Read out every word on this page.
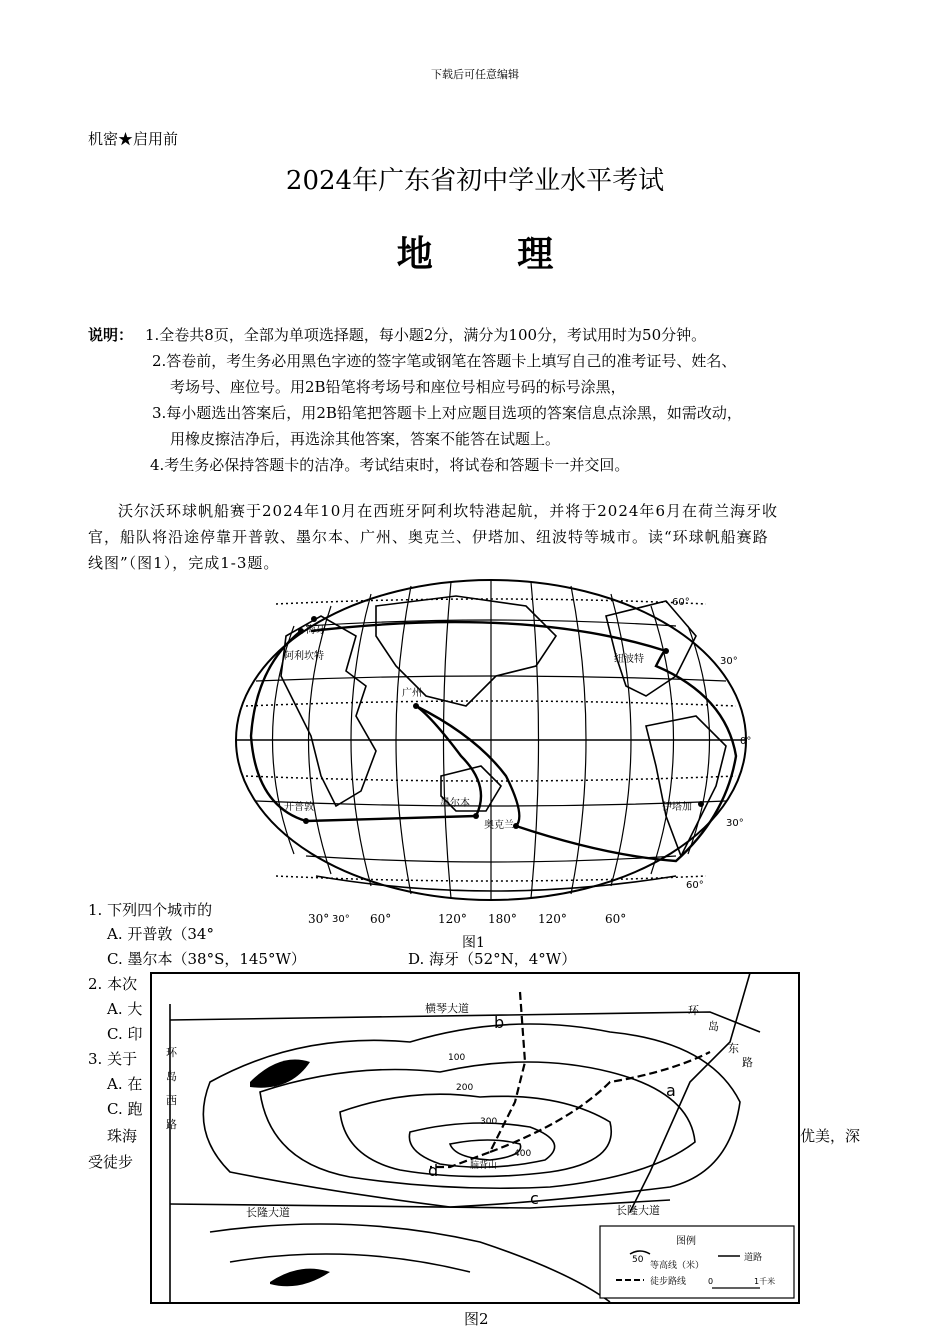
下载后可任意编辑
机密★启用前
2024年广东省初中学业水平考试
地 理
说明： 1.全卷共8页，全部为单项选择题，每小题2分，满分为100分，考试用时为50分钟。
2.答卷前，考生务必用黑色字迹的签字笔或钢笔在答题卡上填写自己的准考证号、姓名、
考场号、座位号。用2B铅笔将考场号和座位号相应号码的标号涂黑，
3.每小题选出答案后，用2B铅笔把答题卡上对应题目选项的答案信息点涂黑，如需改动，
用橡皮擦洁净后，再选涂其他答案，答案不能答在试题上。
4.考生务必保持答题卡的洁净。考试结束时，将试卷和答题卡一并交回。
沃尔沃环球帆船赛于2024年10月在西班牙阿利坎特港起航，并将于2024年6月在荷兰海牙收
官，船队将沿途停靠开普敦、墨尔本、广州、奥克兰、伊塔加、纽波特等城市。读“环球帆船赛路
线图”（图1），完成1-3题。
1. 下列四个城市的
A. 开普敦（34°
C. 墨尔本（38°S，145°W）	D. 海牙（52°N，4°W）
2. 本次
A. 大
C. 印
3. 关于
A. 在
C. 跑
珠海
受徒步
优美，深
海牙
阿利坎特
广州
纽波特
开普敦	墨尔本
奥克兰
伊塔加
60°
30°
0°
30°
60°
30°
30°	60°	120° 180° 120°	60°
图1
横琴大道
长隆大道	长隆大道
环
岛
东
路
环
岛
西
路
100
200
300
400
脑背山
a
b
c
d
图例
50
等高线（米）
道路
徒步路线	0	1千米
图2
